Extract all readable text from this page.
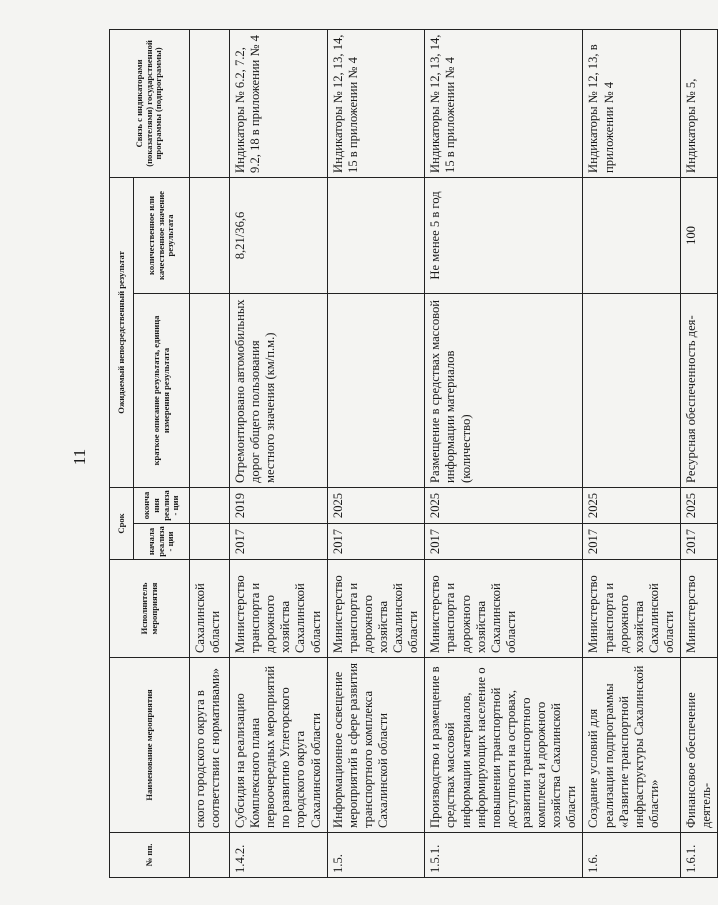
11
№ пп.	Наименование мероприятия	Исполнитель мероприятия	Срок		Ожидаемый непосредственный результат		Связь с индикаторами (показателями) государственной программы (подпрограммы)
			начала реализа- ции	окончания реализа- ции	краткое описание результата, единица измерения результата	количественное или качественное значение результата	
	ского городского округа в соответствии с нормативами»	Сахалинской области					
1.4.2.	Субсидия на реализацию Комплексного плана первоочередных мероприятий по развитию Углегорского городского округа Сахалинской области	Министерство транспорта и дорожного хозяйства Сахалинской области	2017	2019	Отремонтировано автомобильных дорог общего пользования местного значения (км/п.м.)	8,21/36,6	Индикаторы № 6.2, 7.2, 9.2, 18 в приложении № 4
1.5.	Информационное освещение мероприятий в сфере развития транспортного комплекса Сахалинской области	Министерство транспорта и дорожного хозяйства Сахалинской области	2017	2025			Индикаторы № 12, 13, 14, 15 в приложении № 4
1.5.1.	Производство и размещение в средствах массовой информации материалов, информирующих население о повышении транспортной доступности на островах, развитии транспортного комплекса и дорожного хозяйства Сахалинской области	Министерство транспорта и дорожного хозяйства Сахалинской области	2017	2025	Размещение в средствах массовой информации материалов (количество)	Не менее 5 в год	Индикаторы № 12, 13, 14, 15 в приложении № 4
1.6.	Создание условий для реализации подпрограммы «Развитие транспортной инфраструктуры Сахалинской области»	Министерство транспорта и дорожного хозяйства Сахалинской области	2017	2025			Индикаторы № 12, 13, в приложении № 4
1.6.1.	Финансовое обеспечение деятель-	Министерство	2017	2025	Ресурсная обеспеченность дея-	100	Индикаторы № 5,
